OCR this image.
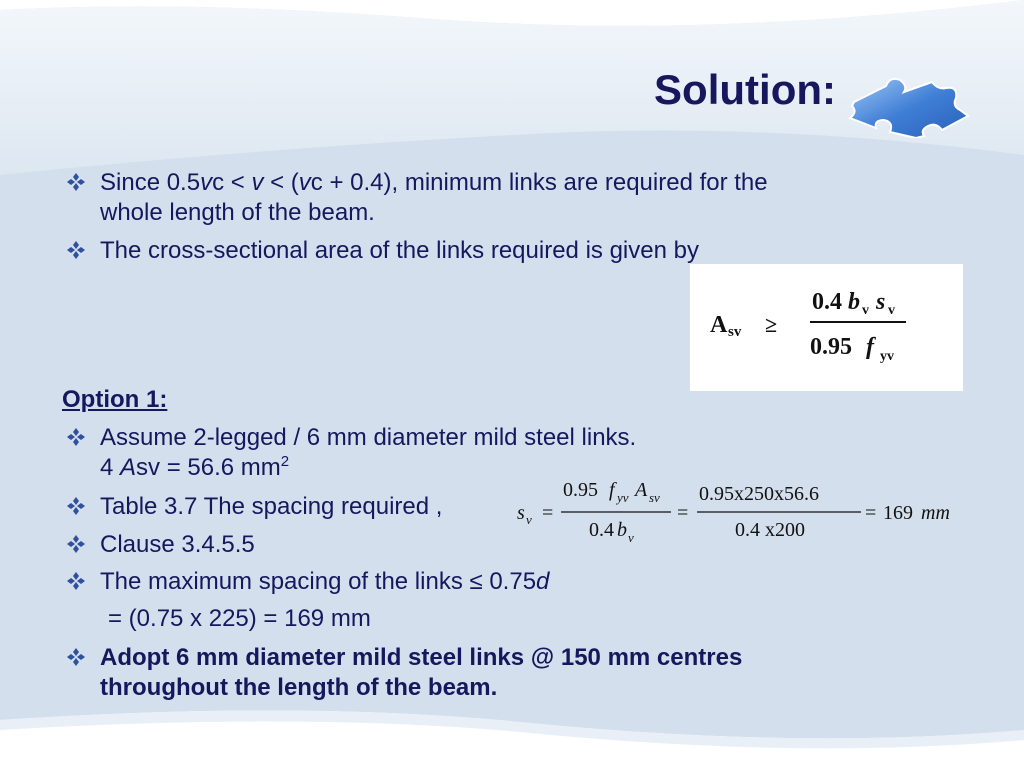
Solution:
Since 0.5vc < v < (vc + 0.4), minimum links are required for the
whole length of the beam.
The cross-sectional area of the links required is given by
A sv ≥
0.4 b v s v
0.95 f yv
Option 1:
Assume 2-legged / 6 mm diameter mild steel links.
4 Asv = 56.6 $mm^2$
Table 3.7 The spacing required ,	s v =
0.95 f yv A sv
0.4 b v
=
0.95x250x56.6
0.4 x200
= 169 mm
Clause 3.4.5.5
The maximum spacing of the links ≤ 0.75d
= (0.75 x 225) = 169 mm
Adopt 6 mm diameter mild steel links @ 150 mm centres
throughout the length of the beam.
